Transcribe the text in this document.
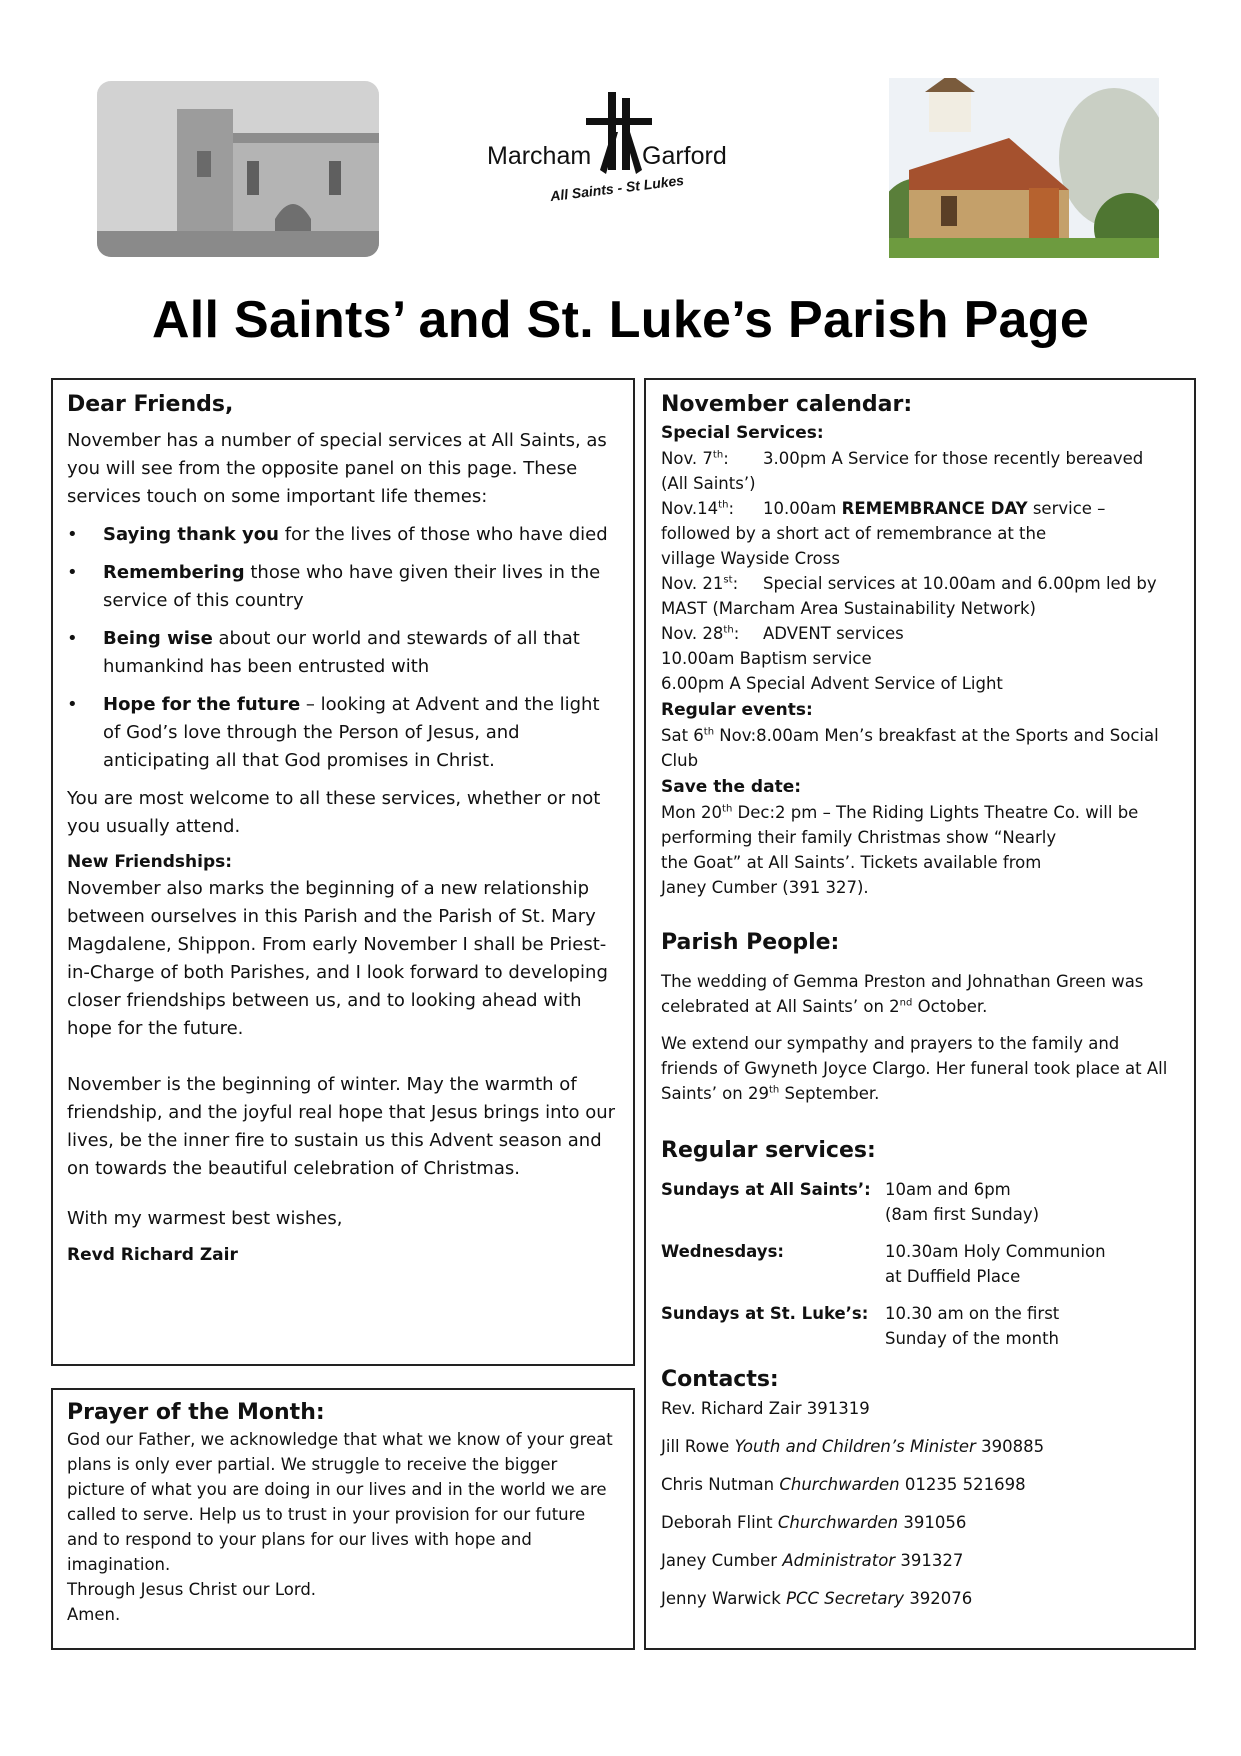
Marcham Garford
All Saints - St Lukes
All Saints’ and St. Luke’s Parish Page

Dear Friends,

November has a number of special services at All Saints, as you will see from the opposite panel on this page. These services touch on some important life themes:

• Saying thank you for the lives of those who have died
• Remembering those who have given their lives in the service of this country
• Being wise about our world and stewards of all that humankind has been entrusted with
• Hope for the future – looking at Advent and the light of God’s love through the Person of Jesus, and anticipating all that God promises in Christ.

You are most welcome to all these services, whether or not you usually attend.

New Friendships:

November also marks the beginning of a new relationship between ourselves in this Parish and the Parish of St. Mary Magdalene, Shippon. From early November I shall be Priest-in-Charge of both Parishes, and I look forward to developing closer friendships between us, and to looking ahead with hope for the future.

November is the beginning of winter. May the warmth of friendship, and the joyful real hope that Jesus brings into our lives, be the inner fire to sustain us this Advent season and on towards the beautiful celebration of Christmas.

With my warmest best wishes,

Revd Richard Zair

Prayer of the Month:

God our Father, we acknowledge that what we know of your great plans is only ever partial. We struggle to receive the bigger picture of what you are doing in our lives and in the world we are called to serve. Help us to trust in your provision for our future and to respond to your plans for our lives with hope and imagination.

Through Jesus Christ our Lord.

Amen.

November calendar:

Special Services:

Nov. 7th:	3.00pm A Service for those recently bereaved
(All Saints’)
Nov.14th:	10.00am REMEMBRANCE DAY service –
followed by a short act of remembrance at the
village Wayside Cross
Nov. 21st:	Special services at 10.00am and 6.00pm led by
MAST (Marcham Area Sustainability Network)
Nov. 28th:	ADVENT services
10.00am Baptism service
6.00pm A Special Advent Service of Light

Regular events:

Sat 6th Nov: 8.00am Men’s breakfast at the Sports and Social
Club

Save the date:

Mon 20th Dec: 2 pm – The Riding Lights Theatre Co. will be
performing their family Christmas show “Nearly
the Goat” at All Saints’. Tickets available from
Janey Cumber (391 327).

Parish People:

The wedding of Gemma Preston and Johnathan Green was celebrated at All Saints’ on 2nd October.

We extend our sympathy and prayers to the family and friends of Gwyneth Joyce Clargo. Her funeral took place at All Saints’ on 29th September.

Regular services:

Sundays at All Saints’: 10am and 6pm
(8am first Sunday)
Wednesdays:	10.30am Holy Communion
at Duffield Place
Sundays at St. Luke’s:	10.30 am on the first
Sunday of the month

Contacts:

Rev. Richard Zair 391319

Jill Rowe Youth and Children’s Minister 390885

Chris Nutman Churchwarden 01235 521698

Deborah Flint Churchwarden 391056

Janey Cumber Administrator 391327

Jenny Warwick PCC Secretary 392076
